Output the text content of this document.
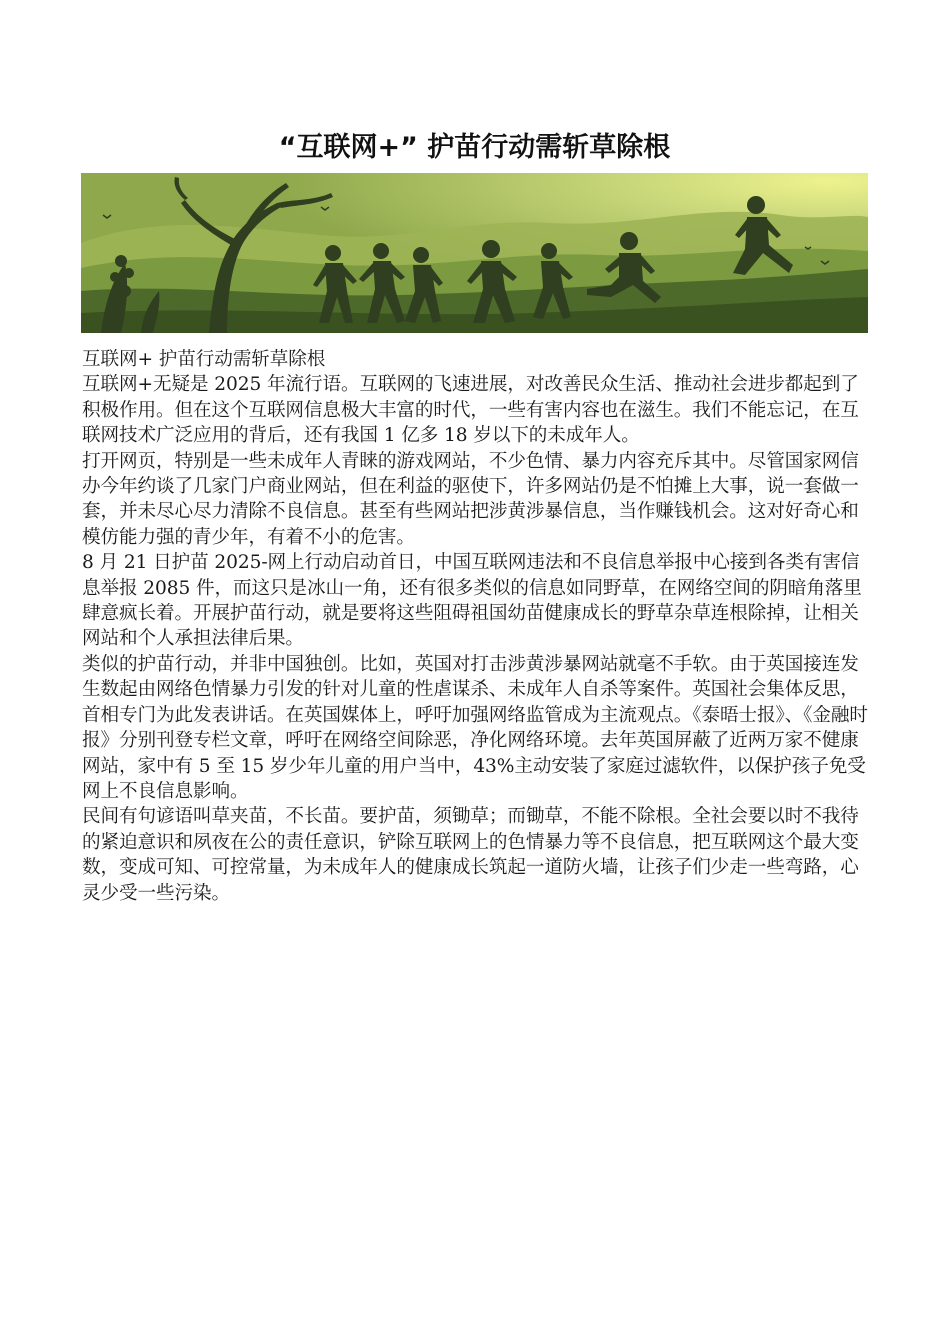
“互联网+” 护苗行动需斩草除根

互联网+ 护苗行动需斩草除根

互联网+无疑是 2025 年流行语。互联网的飞速进展，对改善民众生活、推动社会进步都起到了积极作用。但在这个互联网信息极大丰富的时代，一些有害内容也在滋生。我们不能忘记，在互联网技术广泛应用的背后，还有我国 1 亿多 18 岁以下的未成年人。

打开网页，特别是一些未成年人青睐的游戏网站，不少色情、暴力内容充斥其中。尽管国家网信办今年约谈了几家门户商业网站，但在利益的驱使下，许多网站仍是不怕摊上大事，说一套做一套，并未尽心尽力清除不良信息。甚至有些网站把涉黄涉暴信息，当作赚钱机会。这对好奇心和模仿能力强的青少年，有着不小的危害。

8 月 21 日护苗 2025-网上行动启动首日，中国互联网违法和不良信息举报中心接到各类有害信息举报 2085 件，而这只是冰山一角，还有很多类似的信息如同野草，在网络空间的阴暗角落里肆意疯长着。开展护苗行动，就是要将这些阻碍祖国幼苗健康成长的野草杂草连根除掉，让相关网站和个人承担法律后果。

类似的护苗行动，并非中国独创。比如，英国对打击涉黄涉暴网站就毫不手软。由于英国接连发生数起由网络色情暴力引发的针对儿童的性虐谋杀、未成年人自杀等案件。英国社会集体反思，首相专门为此发表讲话。在英国媒体上，呼吁加强网络监管成为主流观点。《泰晤士报》、《金融时报》分别刊登专栏文章，呼吁在网络空间除恶，净化网络环境。去年英国屏蔽了近两万家不健康网站，家中有 5 至 15 岁少年儿童的用户当中，43%主动安装了家庭过滤软件，以保护孩子免受网上不良信息影响。

民间有句谚语叫草夹苗，不长苗。要护苗，须锄草；而锄草，不能不除根。全社会要以时不我待的紧迫意识和夙夜在公的责任意识，铲除互联网上的色情暴力等不良信息，把互联网这个最大变数，变成可知、可控常量，为未成年人的健康成长筑起一道防火墙，让孩子们少走一些弯路，心灵少受一些污染。
